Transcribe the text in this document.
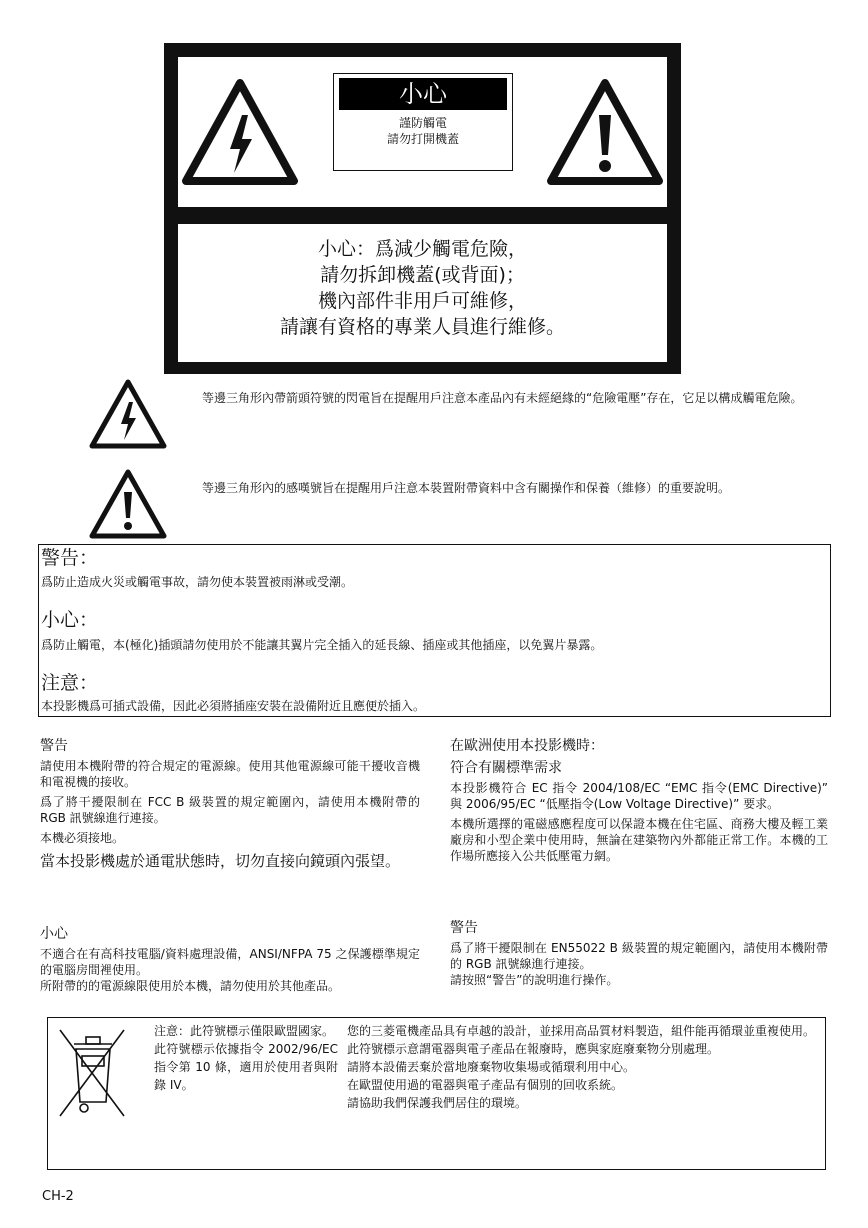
小心
謹防觸電
請勿打開機蓋
小心：爲減少觸電危險，
請勿拆卸機蓋(或背面)；
機內部件非用戶可維修，
請讓有資格的專業人員進行維修。
等邊三角形內帶箭頭符號的閃電旨在提醒用戶注意本產品內有未經絕緣的“危險電壓”存在，它足以構成觸電危險。
等邊三角形內的感嘆號旨在提醒用戶注意本裝置附帶資料中含有關操作和保養（維修）的重要說明。
警告：
爲防止造成火災或觸電事故，請勿使本裝置被雨淋或受潮。
小心：
爲防止觸電，本(極化)插頭請勿使用於不能讓其翼片完全插入的延長線、插座或其他插座，以免翼片暴露。
注意：
本投影機爲可插式設備，因此必須將插座安裝在設備附近且應便於插入。
警告

請使用本機附帶的符合規定的電源線。使用其他電源線可能干擾收音機和電視機的接收。

爲了將干擾限制在 FCC B 級裝置的規定範圍內，請使用本機附帶的 RGB 訊號線進行連接。

本機必須接地。

當本投影機處於通電狀態時，切勿直接向鏡頭內張望。

小心

不適合在有高科技電腦/資料處理設備，ANSI/NFPA 75 之保護標準規定的電腦房間裡使用。

所附帶的的電源線限使用於本機，請勿使用於其他產品。

在歐洲使用本投影機時：
符合有關標準需求

本投影機符合 EC 指令 2004/108/EC “EMC 指令(EMC Directive)” 與 2006/95/EC “低壓指令(Low Voltage Directive)” 要求。

本機所選擇的電磁感應程度可以保證本機在住宅區、商務大樓及輕工業廠房和小型企業中使用時，無論在建築物內外都能正常工作。本機的工作場所應接入公共低壓電力網。

警告

爲了將干擾限制在 EN55022 B 級裝置的規定範圍內，請使用本機附帶的 RGB 訊號線進行連接。

請按照“警告”的說明進行操作。

注意：此符號標示僅限歐盟國家。

此符號標示依據指令 2002/96/EC 指令第 10 條，適用於使用者與附錄 IV。

您的三菱電機產品具有卓越的設計，並採用高品質材料製造，組件能再循環並重複使用。

此符號標示意謂電器與電子產品在報廢時，應與家庭廢棄物分別處理。

請將本設備丟棄於當地廢棄物收集場或循環利用中心。

在歐盟使用過的電器與電子產品有個別的回收系統。

請協助我們保護我們居住的環境。

CH-2
